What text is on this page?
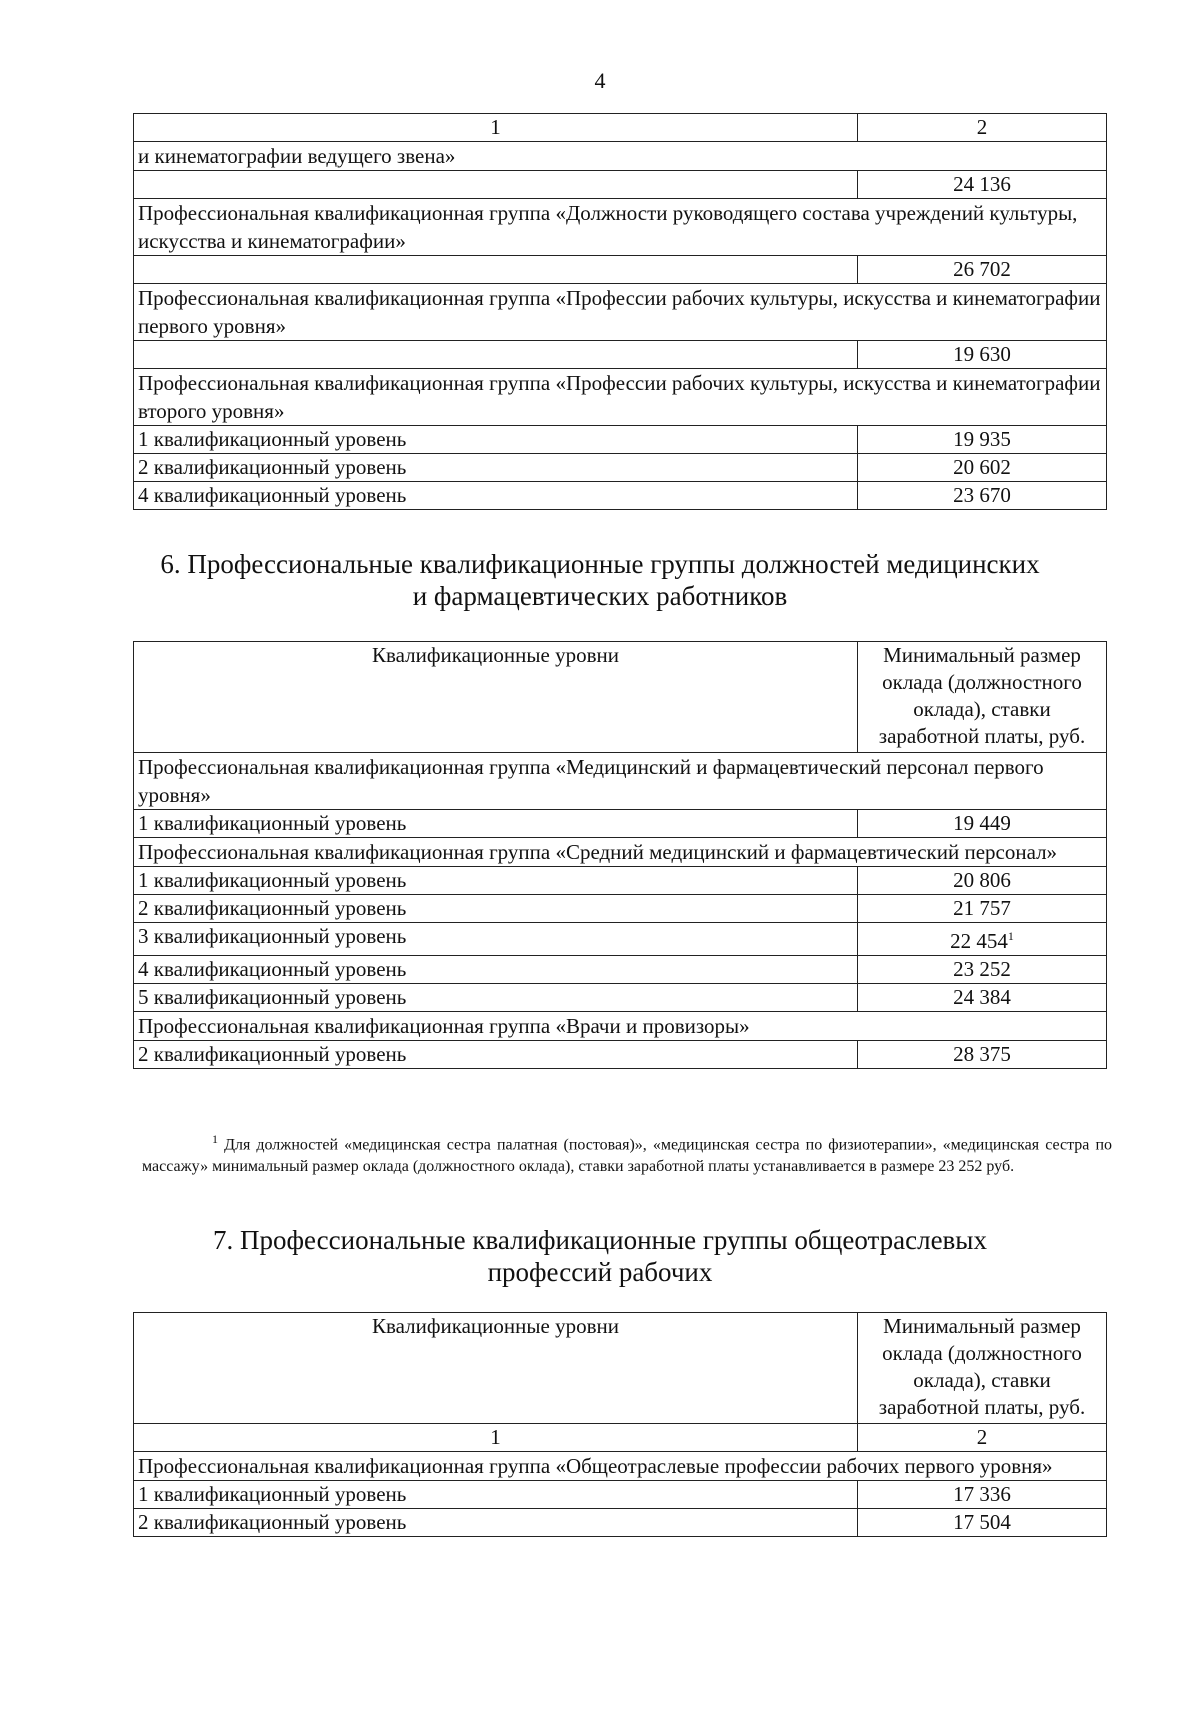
4
1	2
и кинематографии ведущего звена»	
	24 136
Профессиональная квалификационная группа «Должности руководящего состава учреждений культуры, искусства и кинематографии»	
	26 702
Профессиональная квалификационная группа «Профессии рабочих культуры, искусства и кинематографии первого уровня»	
	19 630
Профессиональная квалификационная группа «Профессии рабочих культуры, искусства и кинематографии второго уровня»	
1 квалификационный уровень	19 935
2 квалификационный уровень	20 602
4 квалификационный уровень	23 670
6. Профессиональные квалификационные группы должностей медицинских
и фармацевтических работников
Квалификационные уровни	Минимальный размер оклада (должностного оклада), ставки заработной платы, руб.
Профессиональная квалификационная группа «Медицинский и фармацевтический персонал первого уровня»	
1 квалификационный уровень	19 449
Профессиональная квалификационная группа «Средний медицинский и фармацевтический персонал»	
1 квалификационный уровень	20 806
2 квалификационный уровень	21 757
3 квалификационный уровень	22 $454^1$
4 квалификационный уровень	23 252
5 квалификационный уровень	24 384
Профессиональная квалификационная группа «Врачи и провизоры»	
2 квалификационный уровень	28 375
$^1$ Для должностей «медицинская сестра палатная (постовая)», «медицинская сестра по физиотерапии», «медицинская сестра по массажу» минимальный размер оклада (должностного оклада), ставки заработной платы устанавливается в размере 23 252 руб.
7. Профессиональные квалификационные группы общеотраслевых
профессий рабочих
Квалификационные уровни	Минимальный размер оклада (должностного оклада), ставки заработной платы, руб.
1	2
Профессиональная квалификационная группа «Общеотраслевые профессии рабочих первого уровня»	
1 квалификационный уровень	17 336
2 квалификационный уровень	17 504
